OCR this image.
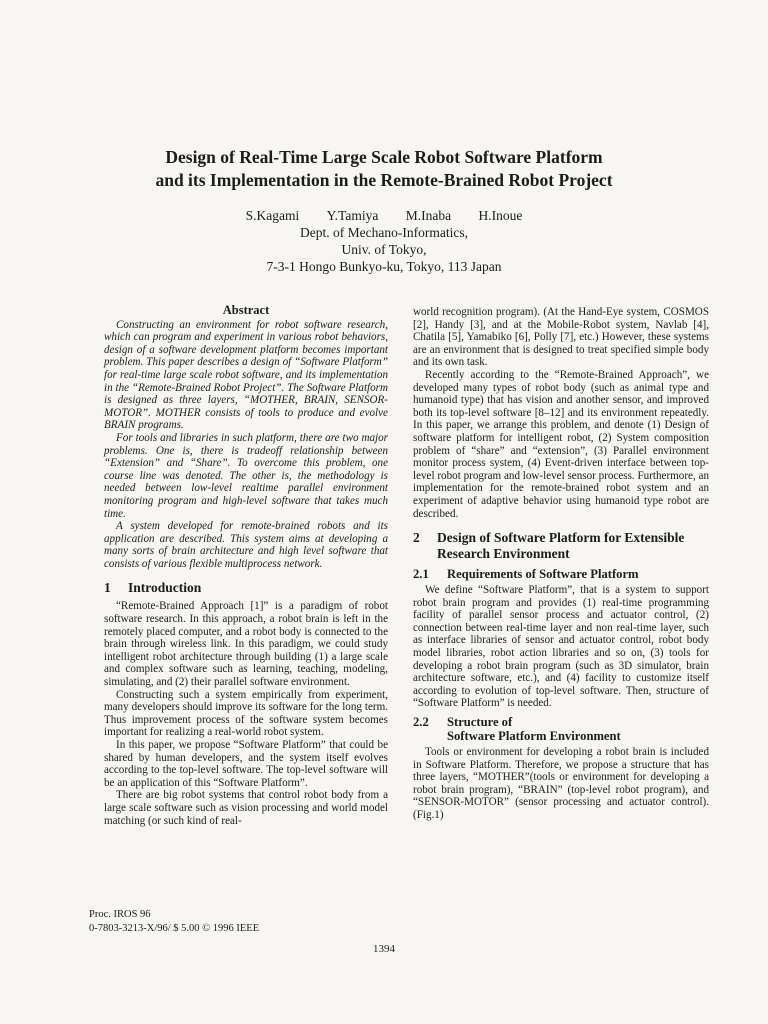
Design of Real-Time Large Scale Robot Software Platform
and its Implementation in the Remote-Brained Robot Project
S.Kagami Y.Tamiya M.Inaba H.Inoue
Dept. of Mechano-Informatics,
Univ. of Tokyo,
7-3-1 Hongo Bunkyo-ku, Tokyo, 113 Japan
Abstract

Constructing an environment for robot software research, which can program and experiment in various robot behaviors, design of a software development platform becomes important problem. This paper describes a design of “Software Platform” for real-time large scale robot software, and its implementation in the “Remote-Brained Robot Project”. The Software Platform is designed as three layers, “MOTHER, BRAIN, SENSOR-MOTOR”. MOTHER consists of tools to produce and evolve BRAIN programs.

For tools and libraries in such platform, there are two major problems. One is, there is tradeoff relationship between “Extension” and “Share”. To overcome this problem, one course line was denoted. The other is, the methodology is needed between low-level realtime parallel environment monitoring program and high-level software that takes much time.

A system developed for remote-brained robots and its application are described. This system aims at developing a many sorts of brain architecture and high level software that consists of various flexible multiprocess network.

1	Introduction

“Remote-Brained Approach [1]” is a paradigm of robot software research. In this approach, a robot brain is left in the remotely placed computer, and a robot body is connected to the brain through wireless link. In this paradigm, we could study intelligent robot architecture through building (1) a large scale and complex software such as learning, teaching, modeling, simulating, and (2) their parallel software environment.

Constructing such a system empirically from experiment, many developers should improve its software for the long term. Thus improvement process of the software system becomes important for realizing a real-world robot system.

In this paper, we propose “Software Platform” that could be shared by human developers, and the system itself evolves according to the top-level software. The top-level software will be an application of this “Software Platform”.

There are big robot systems that control robot body from a large scale software such as vision processing and world model matching (or such kind of real-

world recognition program). (At the Hand-Eye system, COSMOS [2], Handy [3], and at the Mobile-Robot system, Navlab [4], Chatila [5], Yamabiko [6], Polly [7], etc.) However, these systems are an environment that is designed to treat specified simple body and its own task.

Recently according to the “Remote-Brained Approach”, we developed many types of robot body (such as animal type and humanoid type) that has vision and another sensor, and improved both its top-level software [8–12] and its environment repeatedly. In this paper, we arrange this problem, and denote (1) Design of software platform for intelligent robot, (2) System composition problem of “share” and “extension”, (3) Parallel environment monitor process system, (4) Event-driven interface between top-level robot program and low-level sensor process. Furthermore, an implementation for the remote-brained robot system and an experiment of adaptive behavior using humanoid type robot are described.

2	Design of Software Platform for Extensible Research Environment
2.1	Requirements of Software Platform

We define “Software Platform”, that is a system to support robot brain program and provides (1) real-time programming facility of parallel sensor process and actuator control, (2) connection between real-time layer and non real-time layer, such as interface libraries of sensor and actuator control, robot body model libraries, robot action libraries and so on, (3) tools for developing a robot brain program (such as 3D simulator, brain architecture software, etc.), and (4) facility to customize itself according to evolution of top-level software. Then, structure of “Software Platform” is needed.

2.2	Structure of
Software Platform Environment

Tools or environment for developing a robot brain is included in Software Platform. Therefore, we propose a structure that has three layers, “MOTHER”(tools or environment for developing a robot brain program), “BRAIN” (top-level robot program), and “SENSOR-MOTOR” (sensor processing and actuator control). (Fig.1)

Proc. IROS 96
0-7803-3213-X/96/ $ 5.00 © 1996 IEEE
1394
